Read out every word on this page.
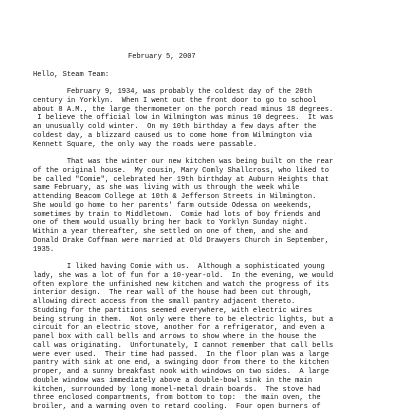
February 5, 2007
Hello, Steam Team:
February 9, 1934, was probably the coldest day of the 20th
century in Yorklyn.  When I went out the front door to go to school
about 8 A.M., the large thermometer on the porch read minus 18 degrees.
I believe the official low in Wilmington was minus 10 degrees.  It was
an unusually cold winter.  On my 10th birthday a few days after the
coldest day, a blizzard caused us to come home from Wilmington via
Kennett Square, the only way the roads were passable.
That was the winter our new kitchen was being built on the rear
of the original house.  My cousin, Mary Comly Shallcross, who liked to
be called "Comie", celebrated her 19th birthday at Auburn Heights that
same February, as she was living with us through the week while
attending Beacom College at 10th & Jefferson Streets in Wilmington.
She would go home to her parents' farm outside Odessa on weekends,
sometimes by train to Middletown.  Comie had lots of boy friends and
one of them would usually bring her back to Yorklyn Sunday night.
Within a year thereafter, she settled on one of them, and she and
Donald Drake Coffman were married at Old Drawyers Church in September,
1935.
I liked having Comie with us.  Although a sophisticated young
lady, she was a lot of fun for a 10-year-old.  In the evening, we would
often explore the unfinished new kitchen and watch the progress of its
interior design.  The rear wall of the house had been cut through,
allowing direct access from the small pantry adjacent thereto.
Studding for the partitions seemed everywhere, with electric wires
being strung in them.  Not only were there to be electric lights, but a
circuit for an electric stove, another for a refrigerator, and even a
panel box with call bells and arrows to show where in the house the
call was originating.  Unfortunately, I cannot remember that call bells
were ever used.  Their time had passed.  In the floor plan was a large
pantry with sink at one end, a swinging door from there to the kitchen
proper, and a sunny breakfast nook with windows on two sides.  A large
double window was immediately above a double-bowl sink in the main
kitchen, surrounded by long monel-metal drain boards.  The stove had
three enclosed compartments, from bottom to top:  the main oven, the
broiler, and a warming oven to retard cooling.  Four open burners of
